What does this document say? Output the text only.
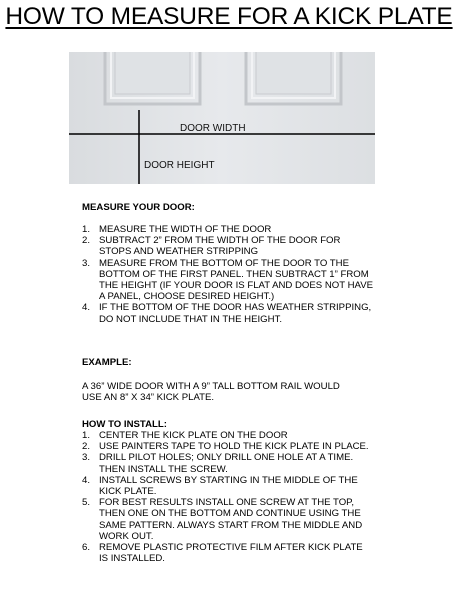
HOW TO MEASURE FOR A KICK PLATE
DOOR WIDTH
DOOR HEIGHT
MEASURE YOUR DOOR:
1. MEASURE THE WIDTH OF THE DOOR
2. SUBTRACT 2” FROM THE WIDTH OF THE DOOR FOR STOPS AND WEATHER STRIPPING
3. MEASURE FROM THE BOTTOM OF THE DOOR TO THE BOTTOM OF THE FIRST PANEL. THEN SUBTRACT 1” FROM THE HEIGHT (IF YOUR DOOR IS FLAT AND DOES NOT HAVE A PANEL, CHOOSE DESIRED HEIGHT.)
4. IF THE BOTTOM OF THE DOOR HAS WEATHER STRIPPING, DO NOT INCLUDE THAT IN THE HEIGHT.
EXAMPLE:
A 36” WIDE DOOR WITH A 9” TALL BOTTOM RAIL WOULD USE AN 8” X 34” KICK PLATE.
HOW TO INSTALL:
1. CENTER THE KICK PLATE ON THE DOOR
2. USE PAINTERS TAPE TO HOLD THE KICK PLATE IN PLACE.
3. DRILL PILOT HOLES; ONLY DRILL ONE HOLE AT A TIME. THEN INSTALL THE SCREW.
4. INSTALL SCREWS BY STARTING IN THE MIDDLE OF THE KICK PLATE.
5. FOR BEST RESULTS INSTALL ONE SCREW AT THE TOP, THEN ONE ON THE BOTTOM AND CONTINUE USING THE SAME PATTERN. ALWAYS START FROM THE MIDDLE AND WORK OUT.
6. REMOVE PLASTIC PROTECTIVE FILM AFTER KICK PLATE IS INSTALLED.
